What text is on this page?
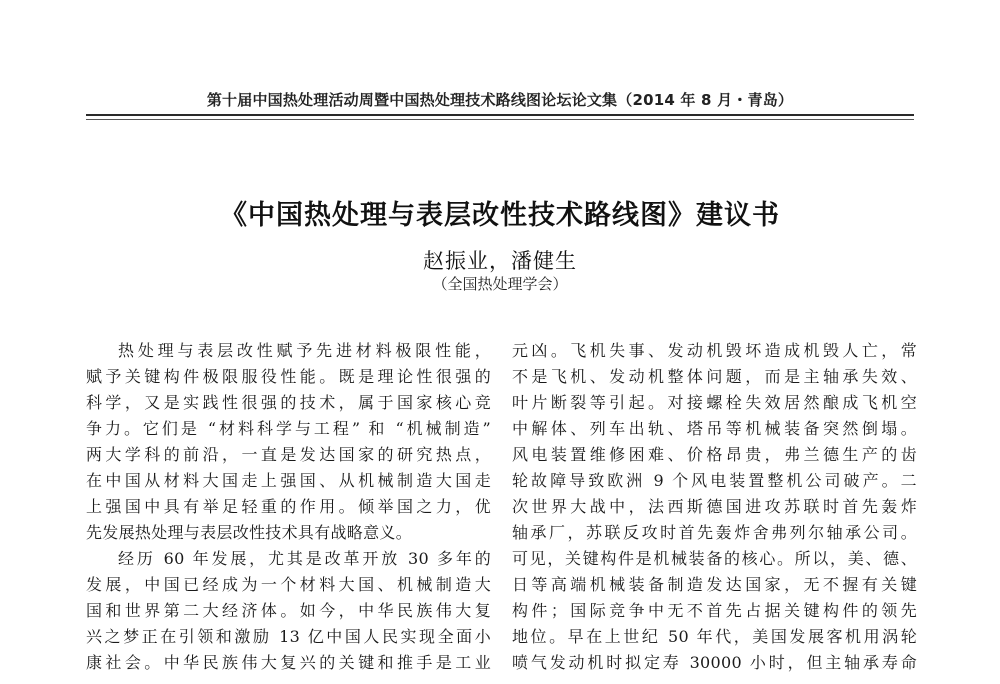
第十届中国热处理活动周暨中国热处理技术路线图论坛论文集（2014 年 8 月・青岛）
《中国热处理与表层改性技术路线图》建议书
赵振业，潘健生
（全国热处理学会）
热处理与表层改性赋予先进材料极限性能，
赋予关键构件极限服役性能。既是理论性很强的
科学，又是实践性很强的技术，属于国家核心竞
争力。它们是 “材料科学与工程” 和 “机械制造”
两大学科的前沿，一直是发达国家的研究热点，
在中国从材料大国走上强国、从机械制造大国走
上强国中具有举足轻重的作用。倾举国之力，优
先发展热处理与表层改性技术具有战略意义。
经历 60 年发展，尤其是改革开放 30 多年的
发展，中国已经成为一个材料大国、机械制造大
国和世界第二大经济体。如今，中华民族伟大复
兴之梦正在引领和激励 13 亿中国人民实现全面小
康社会。中华民族伟大复兴的关键和推手是工业
元凶。飞机失事、发动机毁坏造成机毁人亡，常
不是飞机、发动机整体问题，而是主轴承失效、
叶片断裂等引起。对接螺栓失效居然酿成飞机空
中解体、列车出轨、塔吊等机械装备突然倒塌。
风电装置维修困难、价格昂贵，弗兰德生产的齿
轮故障导致欧洲 9 个风电装置整机公司破产。二
次世界大战中，法西斯德国进攻苏联时首先轰炸
轴承厂，苏联反攻时首先轰炸舍弗列尔轴承公司。
可见，关键构件是机械装备的核心。所以，美、德、
日等高端机械装备制造发达国家，无不握有关键
构件；国际竞争中无不首先占据关键构件的领先
地位。早在上世纪 50 年代，美国发展客机用涡轮
喷气发动机时拟定寿 30000 小时，但主轴承寿命
